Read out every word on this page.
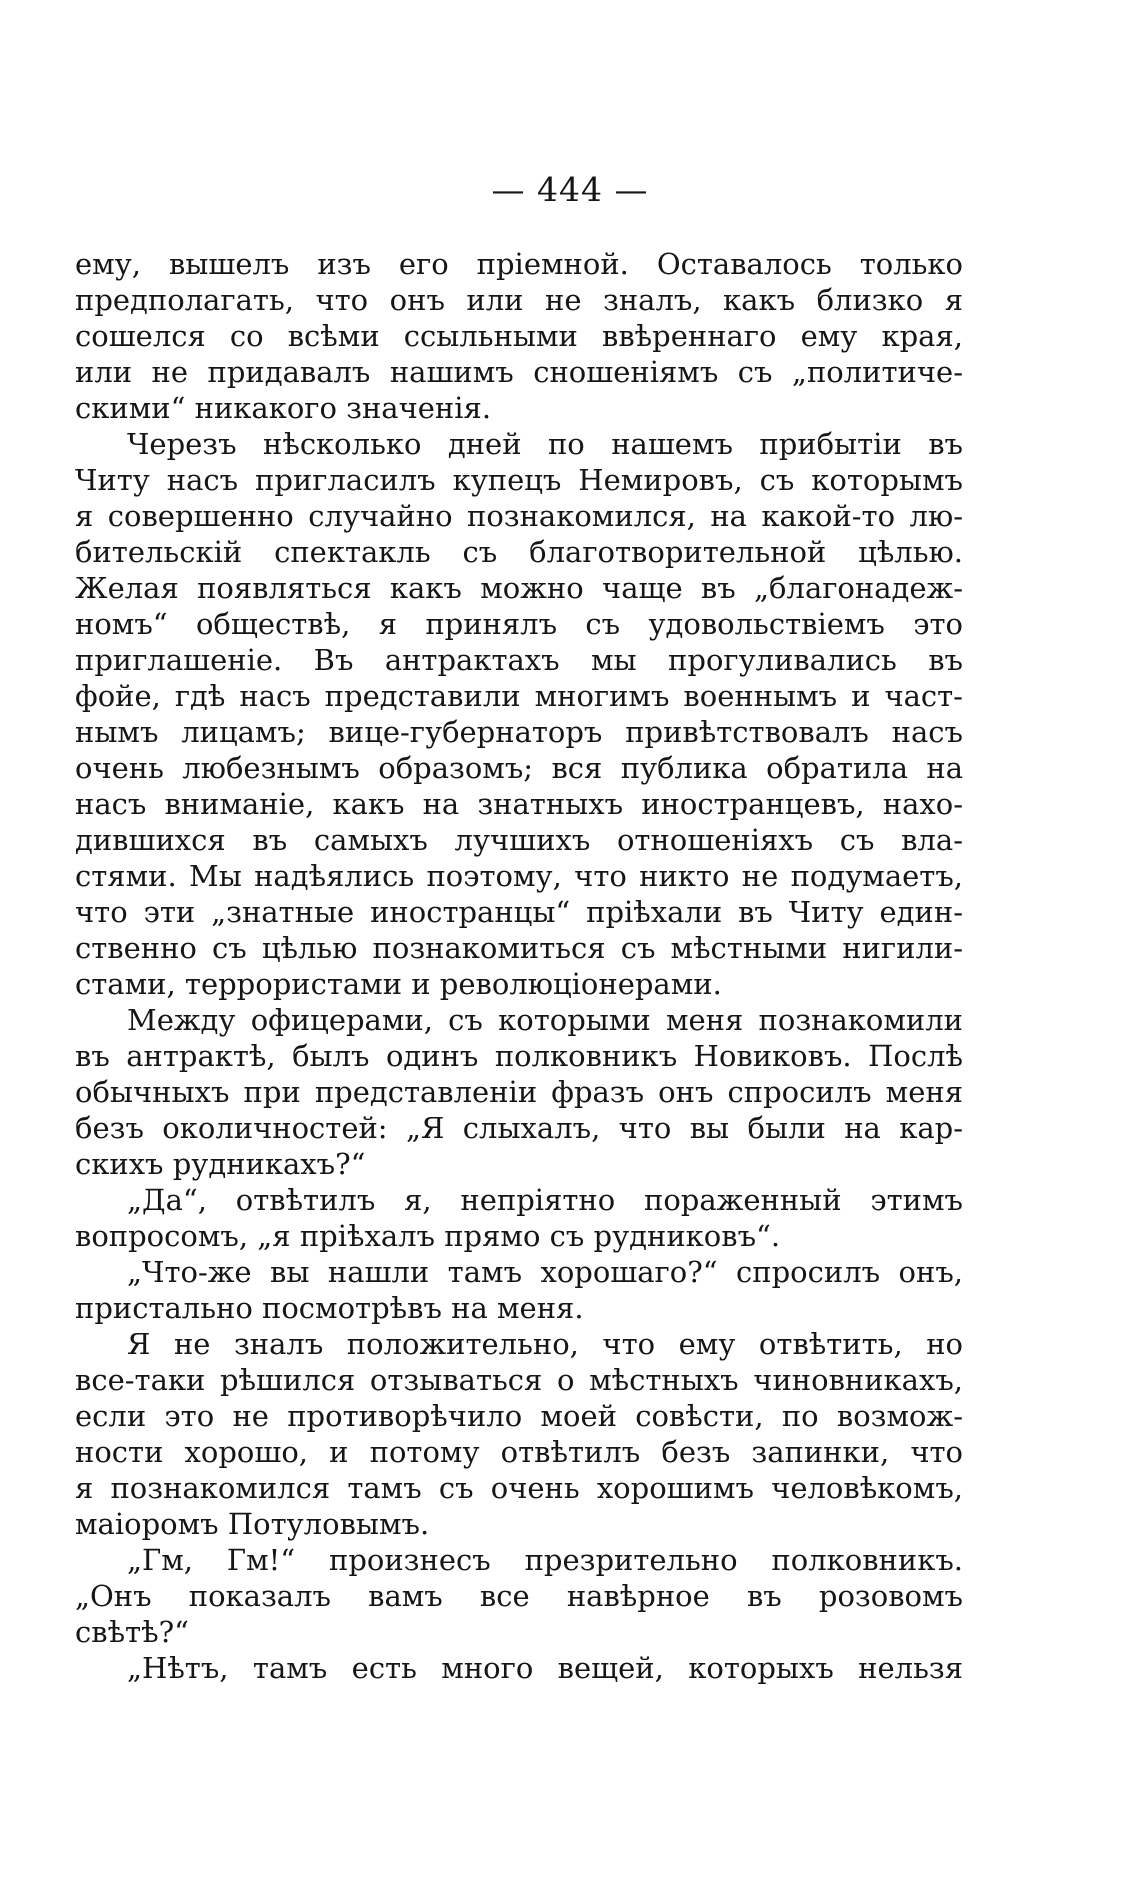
— 444 —
ему, вышелъ изъ его пріемной. Оставалось только
предполагать, что онъ или не зналъ, какъ близко я
сошелся со всѣми ссыльными ввѣреннаго ему края,
или не придавалъ нашимъ сношеніямъ съ „политиче-
скими“ никакого значенія.
Черезъ нѣсколько дней по нашемъ прибытіи въ
Читу насъ пригласилъ купецъ Немировъ, съ которымъ
я совершенно случайно познакомился, на какой-то лю-
бительскій спектакль съ благотворительной цѣлью.
Желая появляться какъ можно чаще въ „благонадеж-
номъ“ обществѣ, я принялъ съ удовольствіемъ это
приглашеніе. Въ антрактахъ мы прогуливались въ
фойе, гдѣ насъ представили многимъ военнымъ и част-
нымъ лицамъ; вице-губернаторъ привѣтствовалъ насъ
очень любезнымъ образомъ; вся публика обратила на
насъ вниманіе, какъ на знатныхъ иностранцевъ, нахо-
дившихся въ самыхъ лучшихъ отношеніяхъ съ вла-
стями. Мы надѣялись поэтому, что никто не подумаетъ,
что эти „знатные иностранцы“ пріѣхали въ Читу един-
ственно съ цѣлью познакомиться съ мѣстными нигили-
стами, террористами и революціонерами.
Между офицерами, съ которыми меня познакомили
въ антрактѣ, былъ одинъ полковникъ Новиковъ. Послѣ
обычныхъ при представленіи фразъ онъ спросилъ меня
безъ околичностей: „Я слыхалъ, что вы были на кар-
скихъ рудникахъ?“
„Да“, отвѣтилъ я, непріятно пораженный этимъ
вопросомъ, „я пріѣхалъ прямо съ рудниковъ“.
„Что-же вы нашли тамъ хорошаго?“ спросилъ онъ,
пристально посмотрѣвъ на меня.
Я не зналъ положительно, что ему отвѣтить, но
все-таки рѣшился отзываться о мѣстныхъ чиновникахъ,
если это не противорѣчило моей совѣсти, по возмож-
ности хорошо, и потому отвѣтилъ безъ запинки, что
я познакомился тамъ съ очень хорошимъ человѣкомъ,
маіоромъ Потуловымъ.
„Гм, Гм!“ произнесъ презрительно полковникъ.
„Онъ показалъ вамъ все навѣрное въ розовомъ
свѣтѣ?“
„Нѣтъ, тамъ есть много вещей, которыхъ нельзя
